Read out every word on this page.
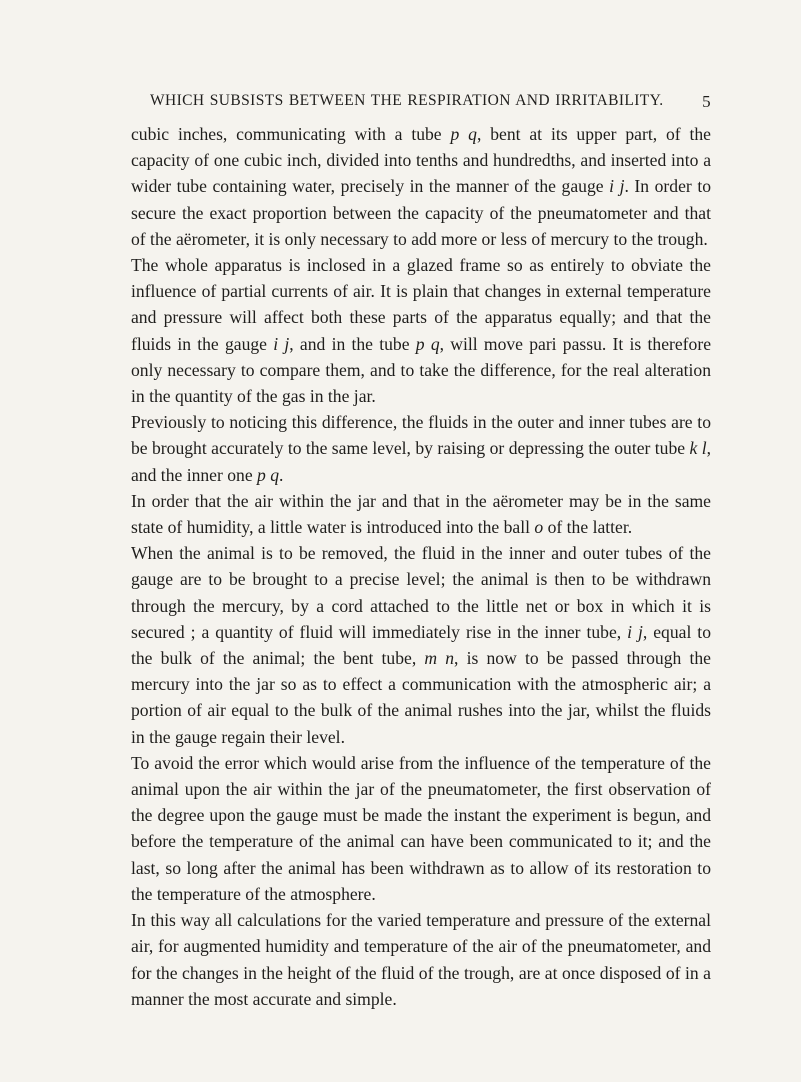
WHICH SUBSISTS BETWEEN THE RESPIRATION AND IRRITABILITY. 5

cubic inches, communicating with a tube p q, bent at its upper part, of the capacity of one cubic inch, divided into tenths and hundredths, and inserted into a wider tube containing water, precisely in the manner of the gauge i j. In order to secure the exact proportion between the capacity of the pneumatometer and that of the aërometer, it is only necessary to add more or less of mercury to the trough.

The whole apparatus is inclosed in a glazed frame so as entirely to obviate the influence of partial currents of air. It is plain that changes in external temperature and pressure will affect both these parts of the apparatus equally; and that the fluids in the gauge i j, and in the tube p q, will move pari passu. It is therefore only necessary to compare them, and to take the difference, for the real alteration in the quantity of the gas in the jar.

Previously to noticing this difference, the fluids in the outer and inner tubes are to be brought accurately to the same level, by raising or depressing the outer tube k l, and the inner one p q.

In order that the air within the jar and that in the aërometer may be in the same state of humidity, a little water is introduced into the ball o of the latter.

When the animal is to be removed, the fluid in the inner and outer tubes of the gauge are to be brought to a precise level; the animal is then to be withdrawn through the mercury, by a cord attached to the little net or box in which it is secured ; a quantity of fluid will immediately rise in the inner tube, i j, equal to the bulk of the animal; the bent tube, m n, is now to be passed through the mercury into the jar so as to effect a communication with the atmospheric air; a portion of air equal to the bulk of the animal rushes into the jar, whilst the fluids in the gauge regain their level.

To avoid the error which would arise from the influence of the temperature of the animal upon the air within the jar of the pneumatometer, the first observation of the degree upon the gauge must be made the instant the experiment is begun, and before the temperature of the animal can have been communicated to it; and the last, so long after the animal has been withdrawn as to allow of its restoration to the temperature of the atmosphere.

In this way all calculations for the varied temperature and pressure of the external air, for augmented humidity and temperature of the air of the pneumatometer, and for the changes in the height of the fluid of the trough, are at once disposed of in a manner the most accurate and simple.
